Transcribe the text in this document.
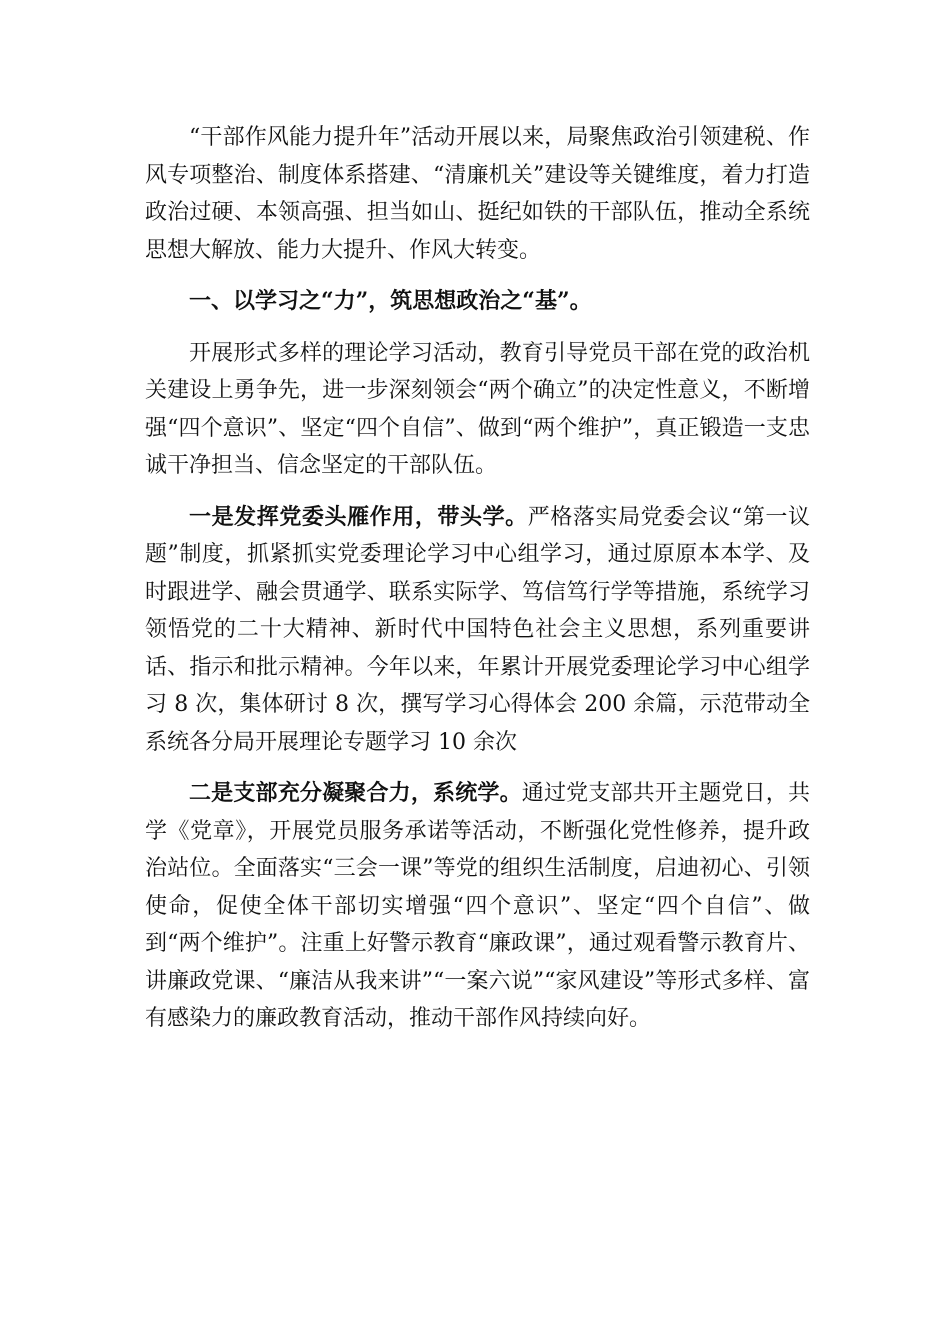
“干部作风能力提升年”活动开展以来，局聚焦政治引领建税、作风专项整治、制度体系搭建、“清廉机关”建设等关键维度，着力打造政治过硬、本领高强、担当如山、挺纪如铁的干部队伍，推动全系统思想大解放、能力大提升、作风大转变。

一、以学习之“力”，筑思想政治之“基”。

开展形式多样的理论学习活动，教育引导党员干部在党的政治机关建设上勇争先，进一步深刻领会“两个确立”的决定性意义，不断增强“四个意识”、坚定“四个自信”、做到“两个维护”，真正锻造一支忠诚干净担当、信念坚定的干部队伍。

一是发挥党委头雁作用，带头学。严格落实局党委会议“第一议题”制度，抓紧抓实党委理论学习中心组学习，通过原原本本学、及时跟进学、融会贯通学、联系实际学、笃信笃行学等措施，系统学习领悟党的二十大精神、新时代中国特色社会主义思想，系列重要讲话、指示和批示精神。今年以来，年累计开展党委理论学习中心组学习 8 次，集体研讨 8 次，撰写学习心得体会 200 余篇，示范带动全系统各分局开展理论专题学习 10 余次

二是支部充分凝聚合力，系统学。通过党支部共开主题党日，共学《党章》，开展党员服务承诺等活动，不断强化党性修养，提升政治站位。全面落实“三会一课”等党的组织生活制度，启迪初心、引领使命，促使全体干部切实增强“四个意识”、坚定“四个自信”、做到“两个维护”。注重上好警示教育“廉政课”，通过观看警示教育片、讲廉政党课、“廉洁从我来讲”“一案六说”“家风建设”等形式多样、富有感染力的廉政教育活动，推动干部作风持续向好。
